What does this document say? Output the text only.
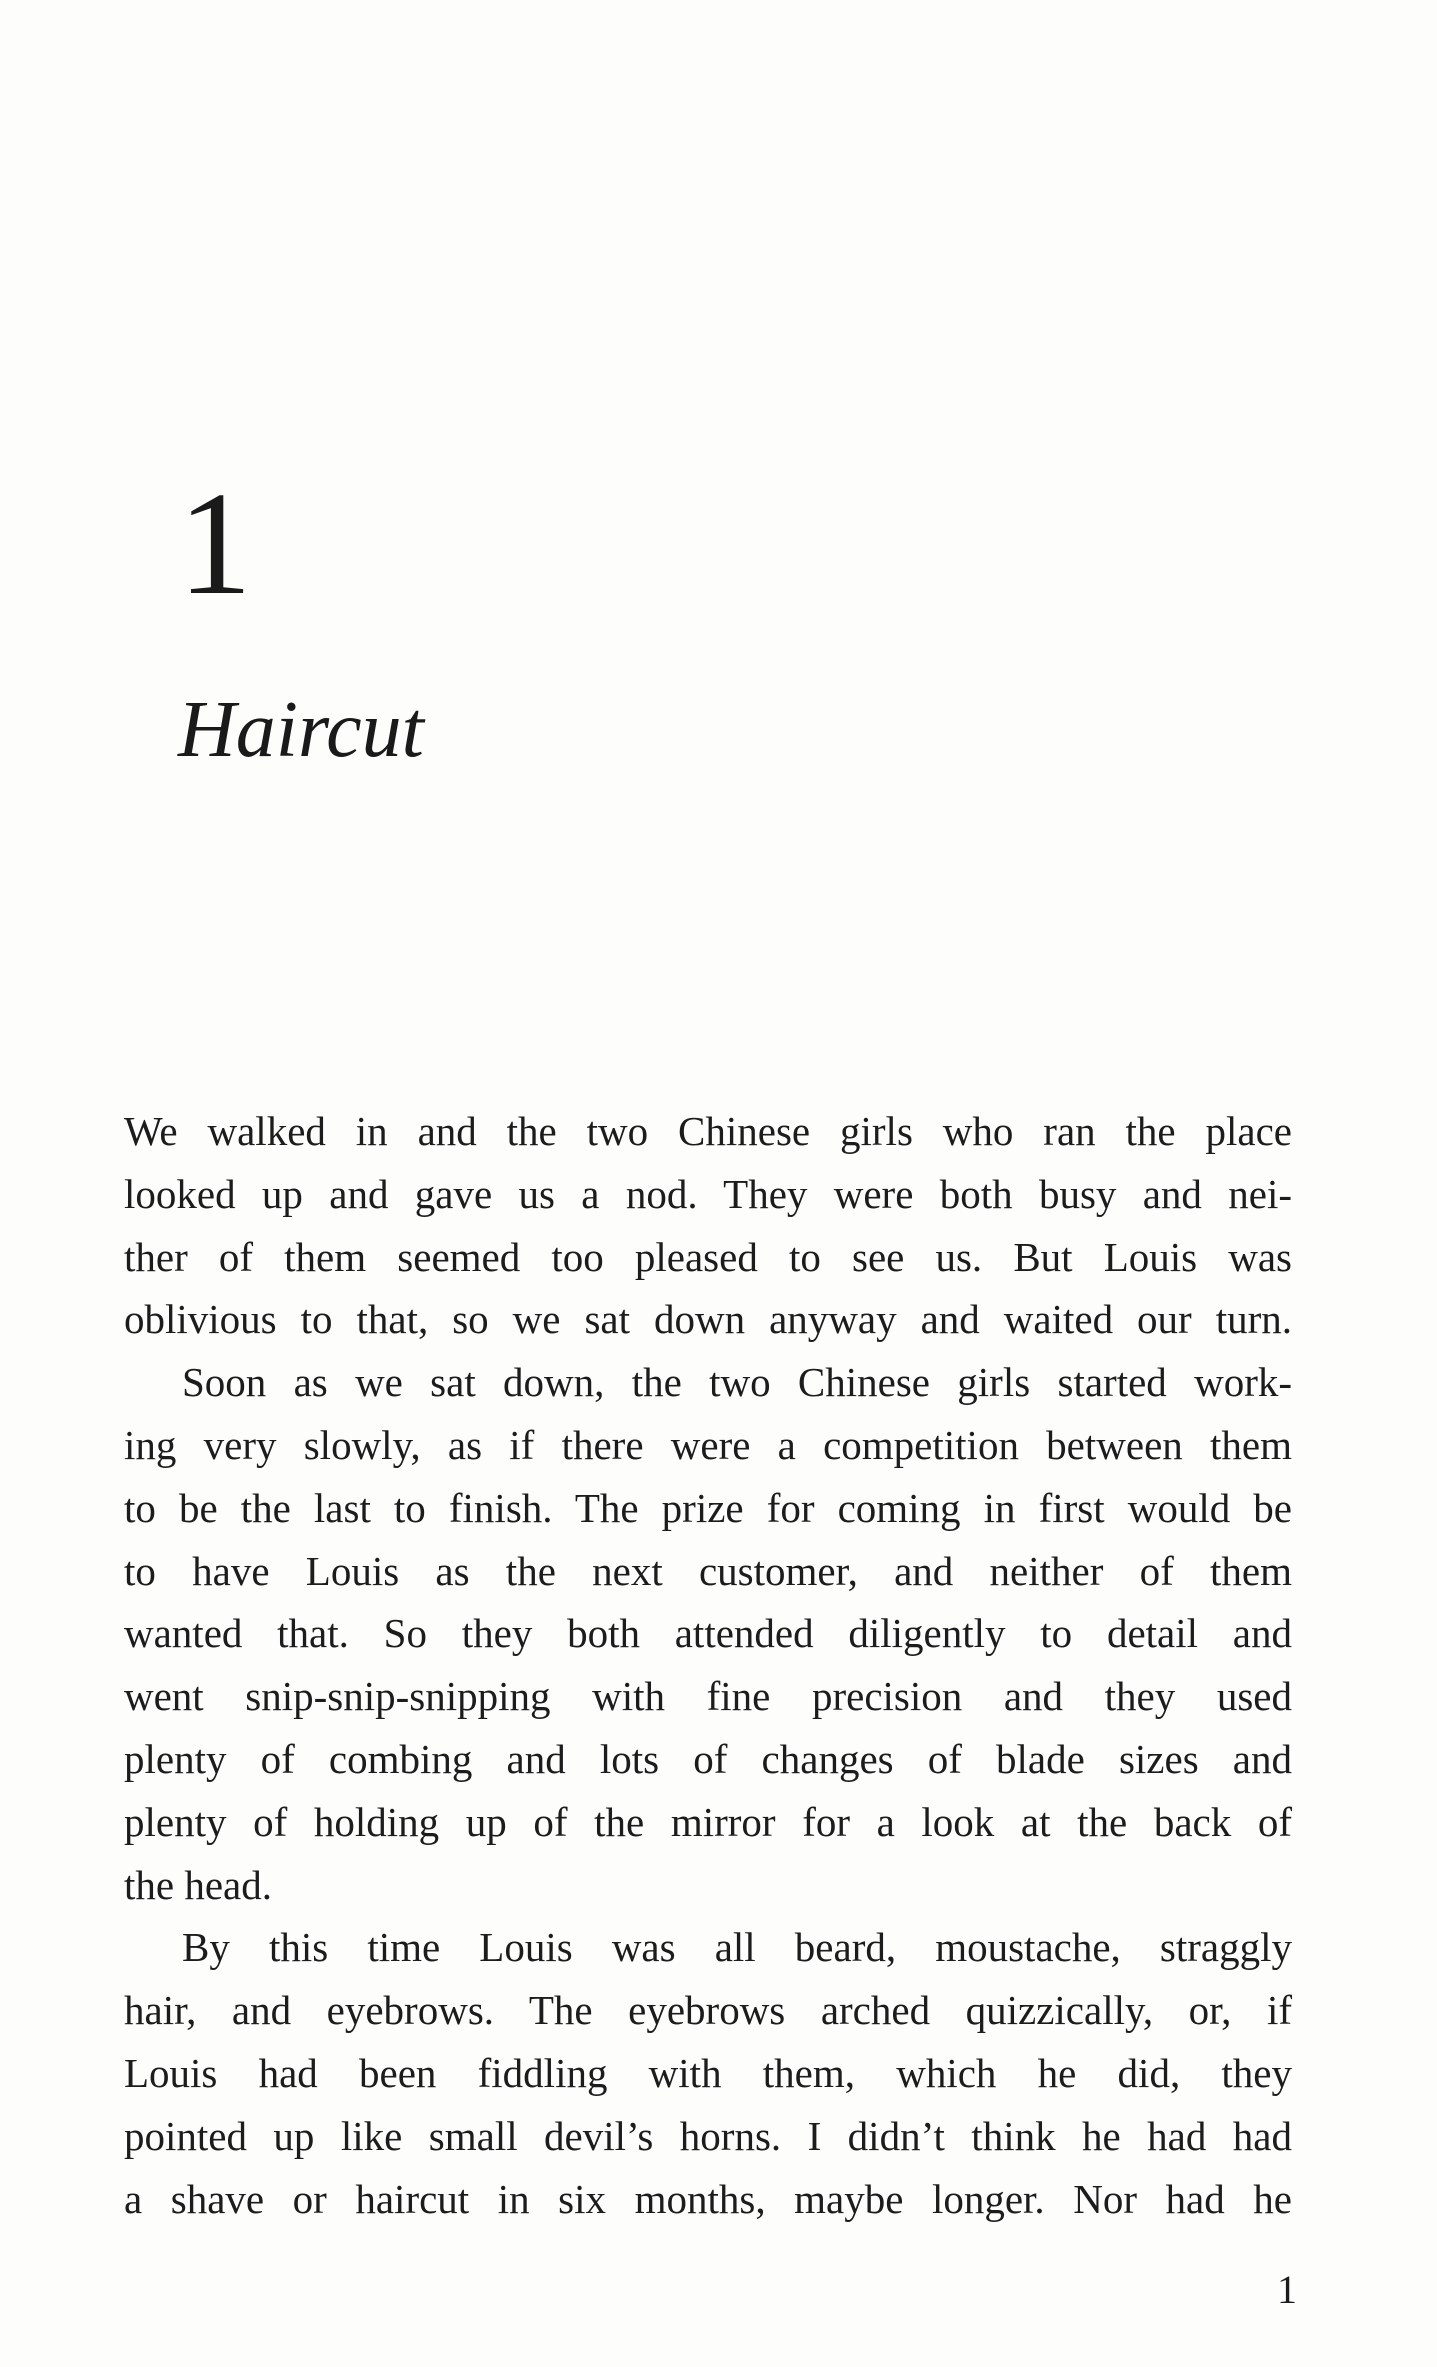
1
Haircut

We walked in and the two Chinese girls who ran the place

looked up and gave us a nod. They were both busy and nei-

ther of them seemed too pleased to see us. But Louis was

oblivious to that, so we sat down anyway and waited our turn.

Soon as we sat down, the two Chinese girls started work-

ing very slowly, as if there were a competition between them

to be the last to finish. The prize for coming in first would be

to have Louis as the next customer, and neither of them

wanted that. So they both attended diligently to detail and

went snip-snip-snipping with fine precision and they used

plenty of combing and lots of changes of blade sizes and

plenty of holding up of the mirror for a look at the back of

the head.

By this time Louis was all beard, moustache, straggly

hair, and eyebrows. The eyebrows arched quizzically, or, if

Louis had been fiddling with them, which he did, they

pointed up like small devil’s horns. I didn’t think he had had

a shave or haircut in six months, maybe longer. Nor had he

1
